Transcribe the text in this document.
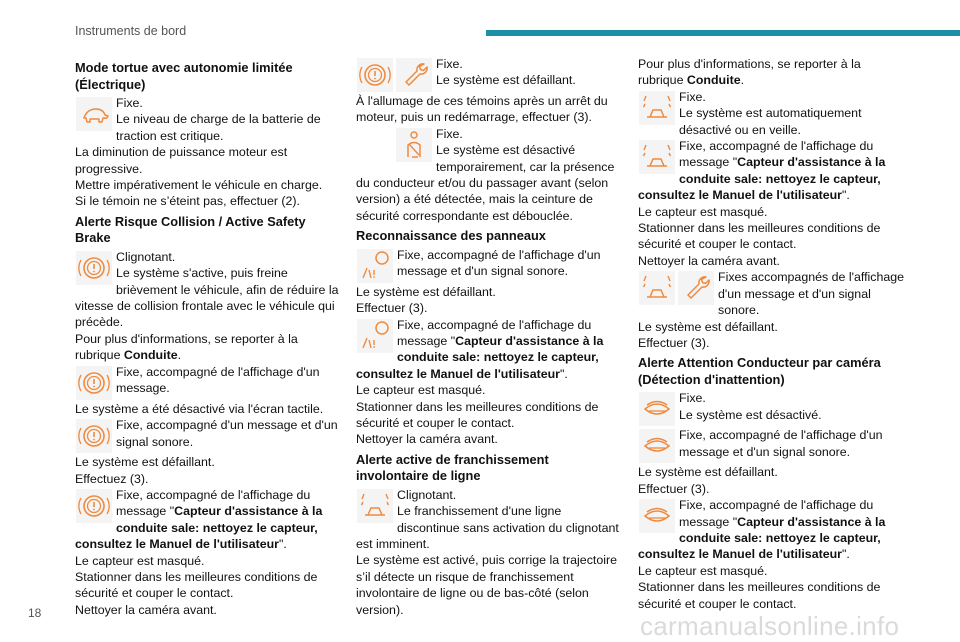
Instruments de bord
Mode tortue avec autonomie limitée (Électrique)

Fixe.

Le niveau de charge de la batterie de traction est critique.

La diminution de puissance moteur est progressive.

Mettre impérativement le véhicule en charge.

Si le témoin ne s’éteint pas, effectuer (2).

Alerte Risque Collision / Active Safety Brake

Clignotant.

Le système s'active, puis freine brièvement le véhicule, afin de réduire la vitesse de collision frontale avec le véhicule qui précède.

Pour plus d'informations, se reporter à la rubrique Conduite.

Fixe, accompagné de l'affichage d'un message.

Le système a été désactivé via l'écran tactile.

Fixe, accompagné d'un message et d'un signal sonore.

Le système est défaillant.

Effectuez (3).

Fixe, accompagné de l'affichage du message "Capteur d'assistance à la conduite sale: nettoyez le capteur, consultez le Manuel de l'utilisateur".

Le capteur est masqué.

Stationner dans les meilleures conditions de sécurité et couper le contact.

Nettoyer la caméra avant.

Fixe.

Le système est défaillant.

À l'allumage de ces témoins après un arrêt du moteur, puis un redémarrage, effectuer (3).

Fixe.

Le système est désactivé temporairement, car la présence du conducteur et/ou du passager avant (selon version) a été détectée, mais la ceinture de sécurité correspondante est débouclée.

Reconnaissance des panneaux

Fixe, accompagné de l'affichage d'un message et d'un signal sonore.

Le système est défaillant.

Effectuer (3).

Fixe, accompagné de l'affichage du message "Capteur d'assistance à la conduite sale: nettoyez le capteur, consultez le Manuel de l'utilisateur".

Le capteur est masqué.

Stationner dans les meilleures conditions de sécurité et couper le contact.

Nettoyer la caméra avant.

Alerte active de franchissement involontaire de ligne

Clignotant.

Le franchissement d'une ligne discontinue sans activation du clignotant est imminent.

Le système est activé, puis corrige la trajectoire s’il détecte un risque de franchissement involontaire de ligne ou de bas-côté (selon version).

Pour plus d'informations, se reporter à la rubrique Conduite.

Fixe.

Le système est automatiquement désactivé ou en veille.

Fixe, accompagné de l'affichage du message "Capteur d'assistance à la conduite sale: nettoyez le capteur, consultez le Manuel de l'utilisateur".

Le capteur est masqué.

Stationner dans les meilleures conditions de sécurité et couper le contact.

Nettoyer la caméra avant.

Fixes accompagnés de l'affichage d'un message et d'un signal sonore.

Le système est défaillant.

Effectuer (3).

Alerte Attention Conducteur par caméra (Détection d'inattention)

Fixe.

Le système est désactivé.

Fixe, accompagné de l'affichage d'un message et d'un signal sonore.

Le système est défaillant.

Effectuer (3).

Fixe, accompagné de l'affichage du message "Capteur d'assistance à la conduite sale: nettoyez le capteur, consultez le Manuel de l'utilisateur".

Le capteur est masqué.

Stationner dans les meilleures conditions de sécurité et couper le contact.

18	carmanualsonline.info
